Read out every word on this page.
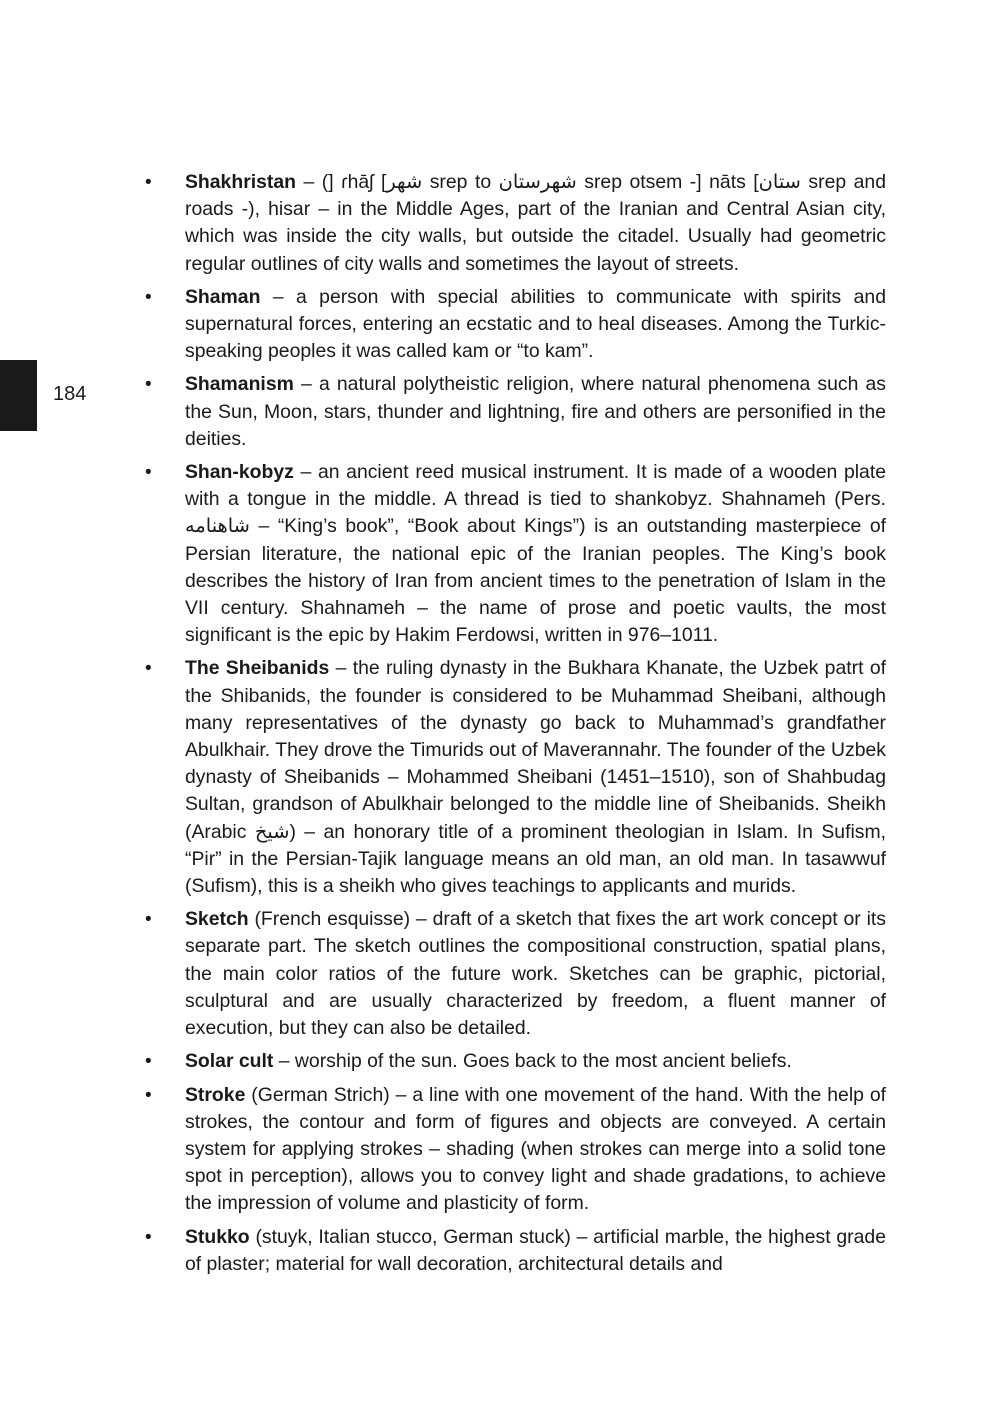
184
•	Shakhristan – (] ɾhāʃ [شهر srep to شهرستان srep otsem -] nāts [ستان srep and roads -), hisar – in the Middle Ages, part of the Iranian and Central Asian city, which was inside the city walls, but outside the citadel. Usually had geometric regular outlines of city walls and sometimes the layout of streets.
•	Shaman – a person with special abilities to communicate with spirits and supernatural forces, entering an ecstatic and to heal diseases. Among the Turkic-speaking peoples it was called kam or “to kam”.
•	Shamanism – a natural polytheistic religion, where natural phenomena such as the Sun, Moon, stars, thunder and lightning, fire and others are personified in the deities.
•	Shan-kobyz – an ancient reed musical instrument. It is made of a wooden plate with a tongue in the middle. A thread is tied to shankobyz. Shahnameh (Pers. شاهنامه – “King’s book”, “Book about Kings”) is an outstanding masterpiece of Persian literature, the national epic of the Iranian peoples. The King’s book describes the history of Iran from ancient times to the penetration of Islam in the VII century. Shahnameh – the name of prose and poetic vaults, the most significant is the epic by Hakim Ferdowsi, written in 976–1011.
•	The Sheibanids – the ruling dynasty in the Bukhara Khanate, the Uzbek patrt of the Shibanids, the founder is considered to be Muhammad Sheibani, although many representatives of the dynasty go back to Muhammad’s grandfather Abulkhair. They drove the Timurids out of Maverannahr. The founder of the Uzbek dynasty of Sheibanids – Mohammed Sheibani (1451–1510), son of Shahbudag Sultan, grandson of Abulkhair belonged to the middle line of Sheibanids. Sheikh (Arabic شيخ) – an honorary title of a prominent theologian in Islam. In Sufism, “Pir” in the Persian-Tajik language means an old man, an old man. In tasawwuf (Sufism), this is a sheikh who gives teachings to applicants and murids.
•	Sketch (French esquisse) – draft of a sketch that fixes the art work concept or its separate part. The sketch outlines the compositional construction, spatial plans, the main color ratios of the future work. Sketches can be graphic, pictorial, sculptural and are usually characterized by freedom, a fluent manner of execution, but they can also be detailed.
•	Solar cult – worship of the sun. Goes back to the most ancient beliefs.
•	Stroke (German Strich) – a line with one movement of the hand. With the help of strokes, the contour and form of figures and objects are conveyed. A certain system for applying strokes – shading (when strokes can merge into a solid tone spot in perception), allows you to convey light and shade gradations, to achieve the impression of volume and plasticity of form.
•	Stukko (stuyk, Italian stucco, German stuck) – artificial marble, the highest grade of plaster; material for wall decoration, architectural details and
